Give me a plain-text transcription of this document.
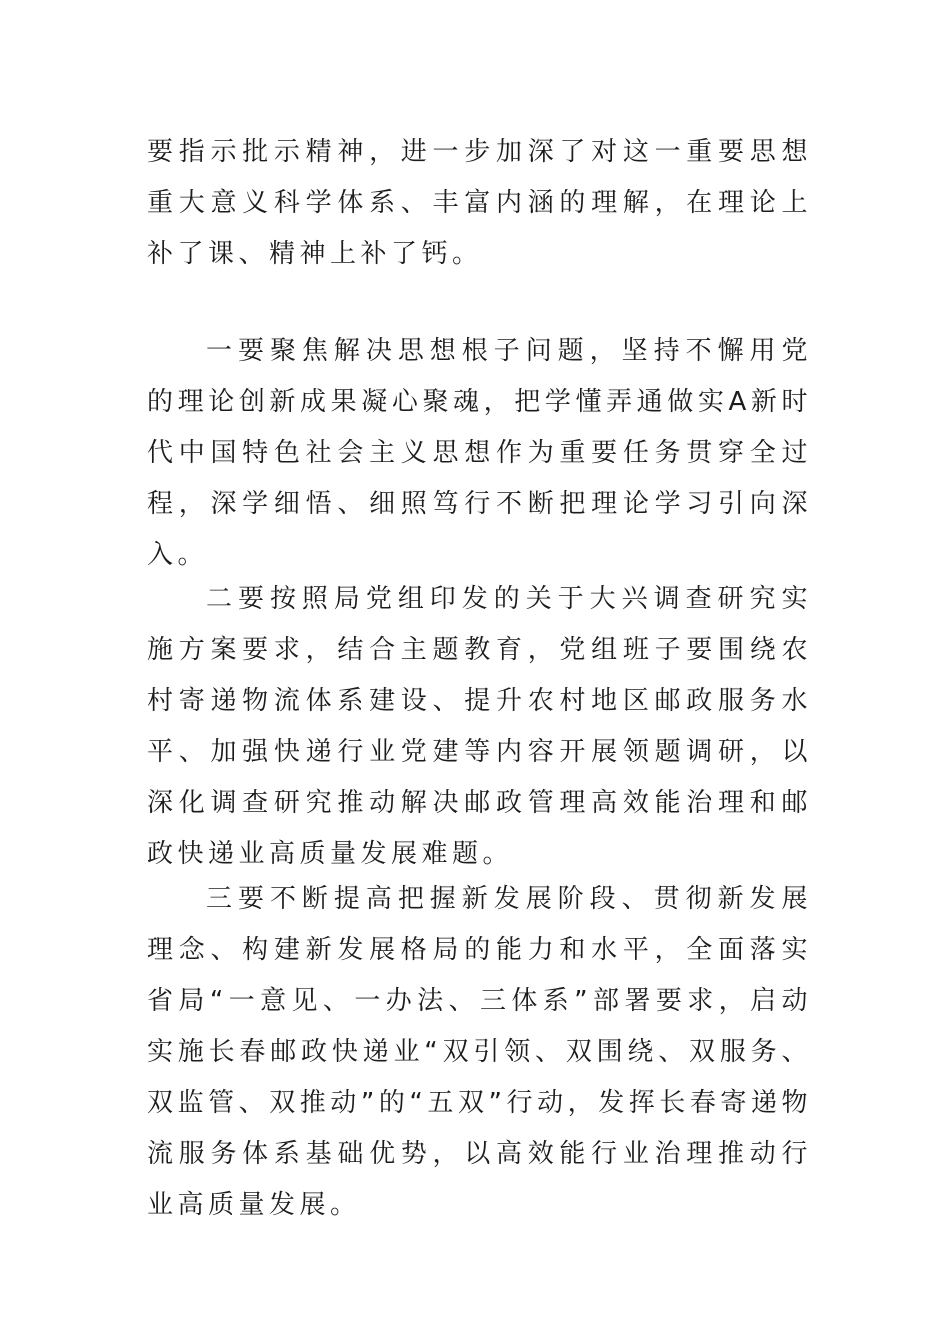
要指示批示精神，进一步加深了对这一重要思想重大意义科学体系、丰富内涵的理解，在理论上补了课、精神上补了钙。

一要聚焦解决思想根子问题，坚持不懈用党的理论创新成果凝心聚魂，把学懂弄通做实A新时代中国特色社会主义思想作为重要任务贯穿全过程，深学细悟、细照笃行不断把理论学习引向深入。

二要按照局党组印发的关于大兴调查研究实施方案要求，结合主题教育，党组班子要围绕农村寄递物流体系建设、提升农村地区邮政服务水平、加强快递行业党建等内容开展领题调研，以深化调查研究推动解决邮政管理高效能治理和邮政快递业高质量发展难题。

三要不断提高把握新发展阶段、贯彻新发展理念、构建新发展格局的能力和水平，全面落实省局“一意见、一办法、三体系”部署要求，启动实施长春邮政快递业“双引领、双围绕、双服务、双监管、双推动”的“五双”行动，发挥长春寄递物流服务体系基础优势，以高效能行业治理推动行业高质量发展。
